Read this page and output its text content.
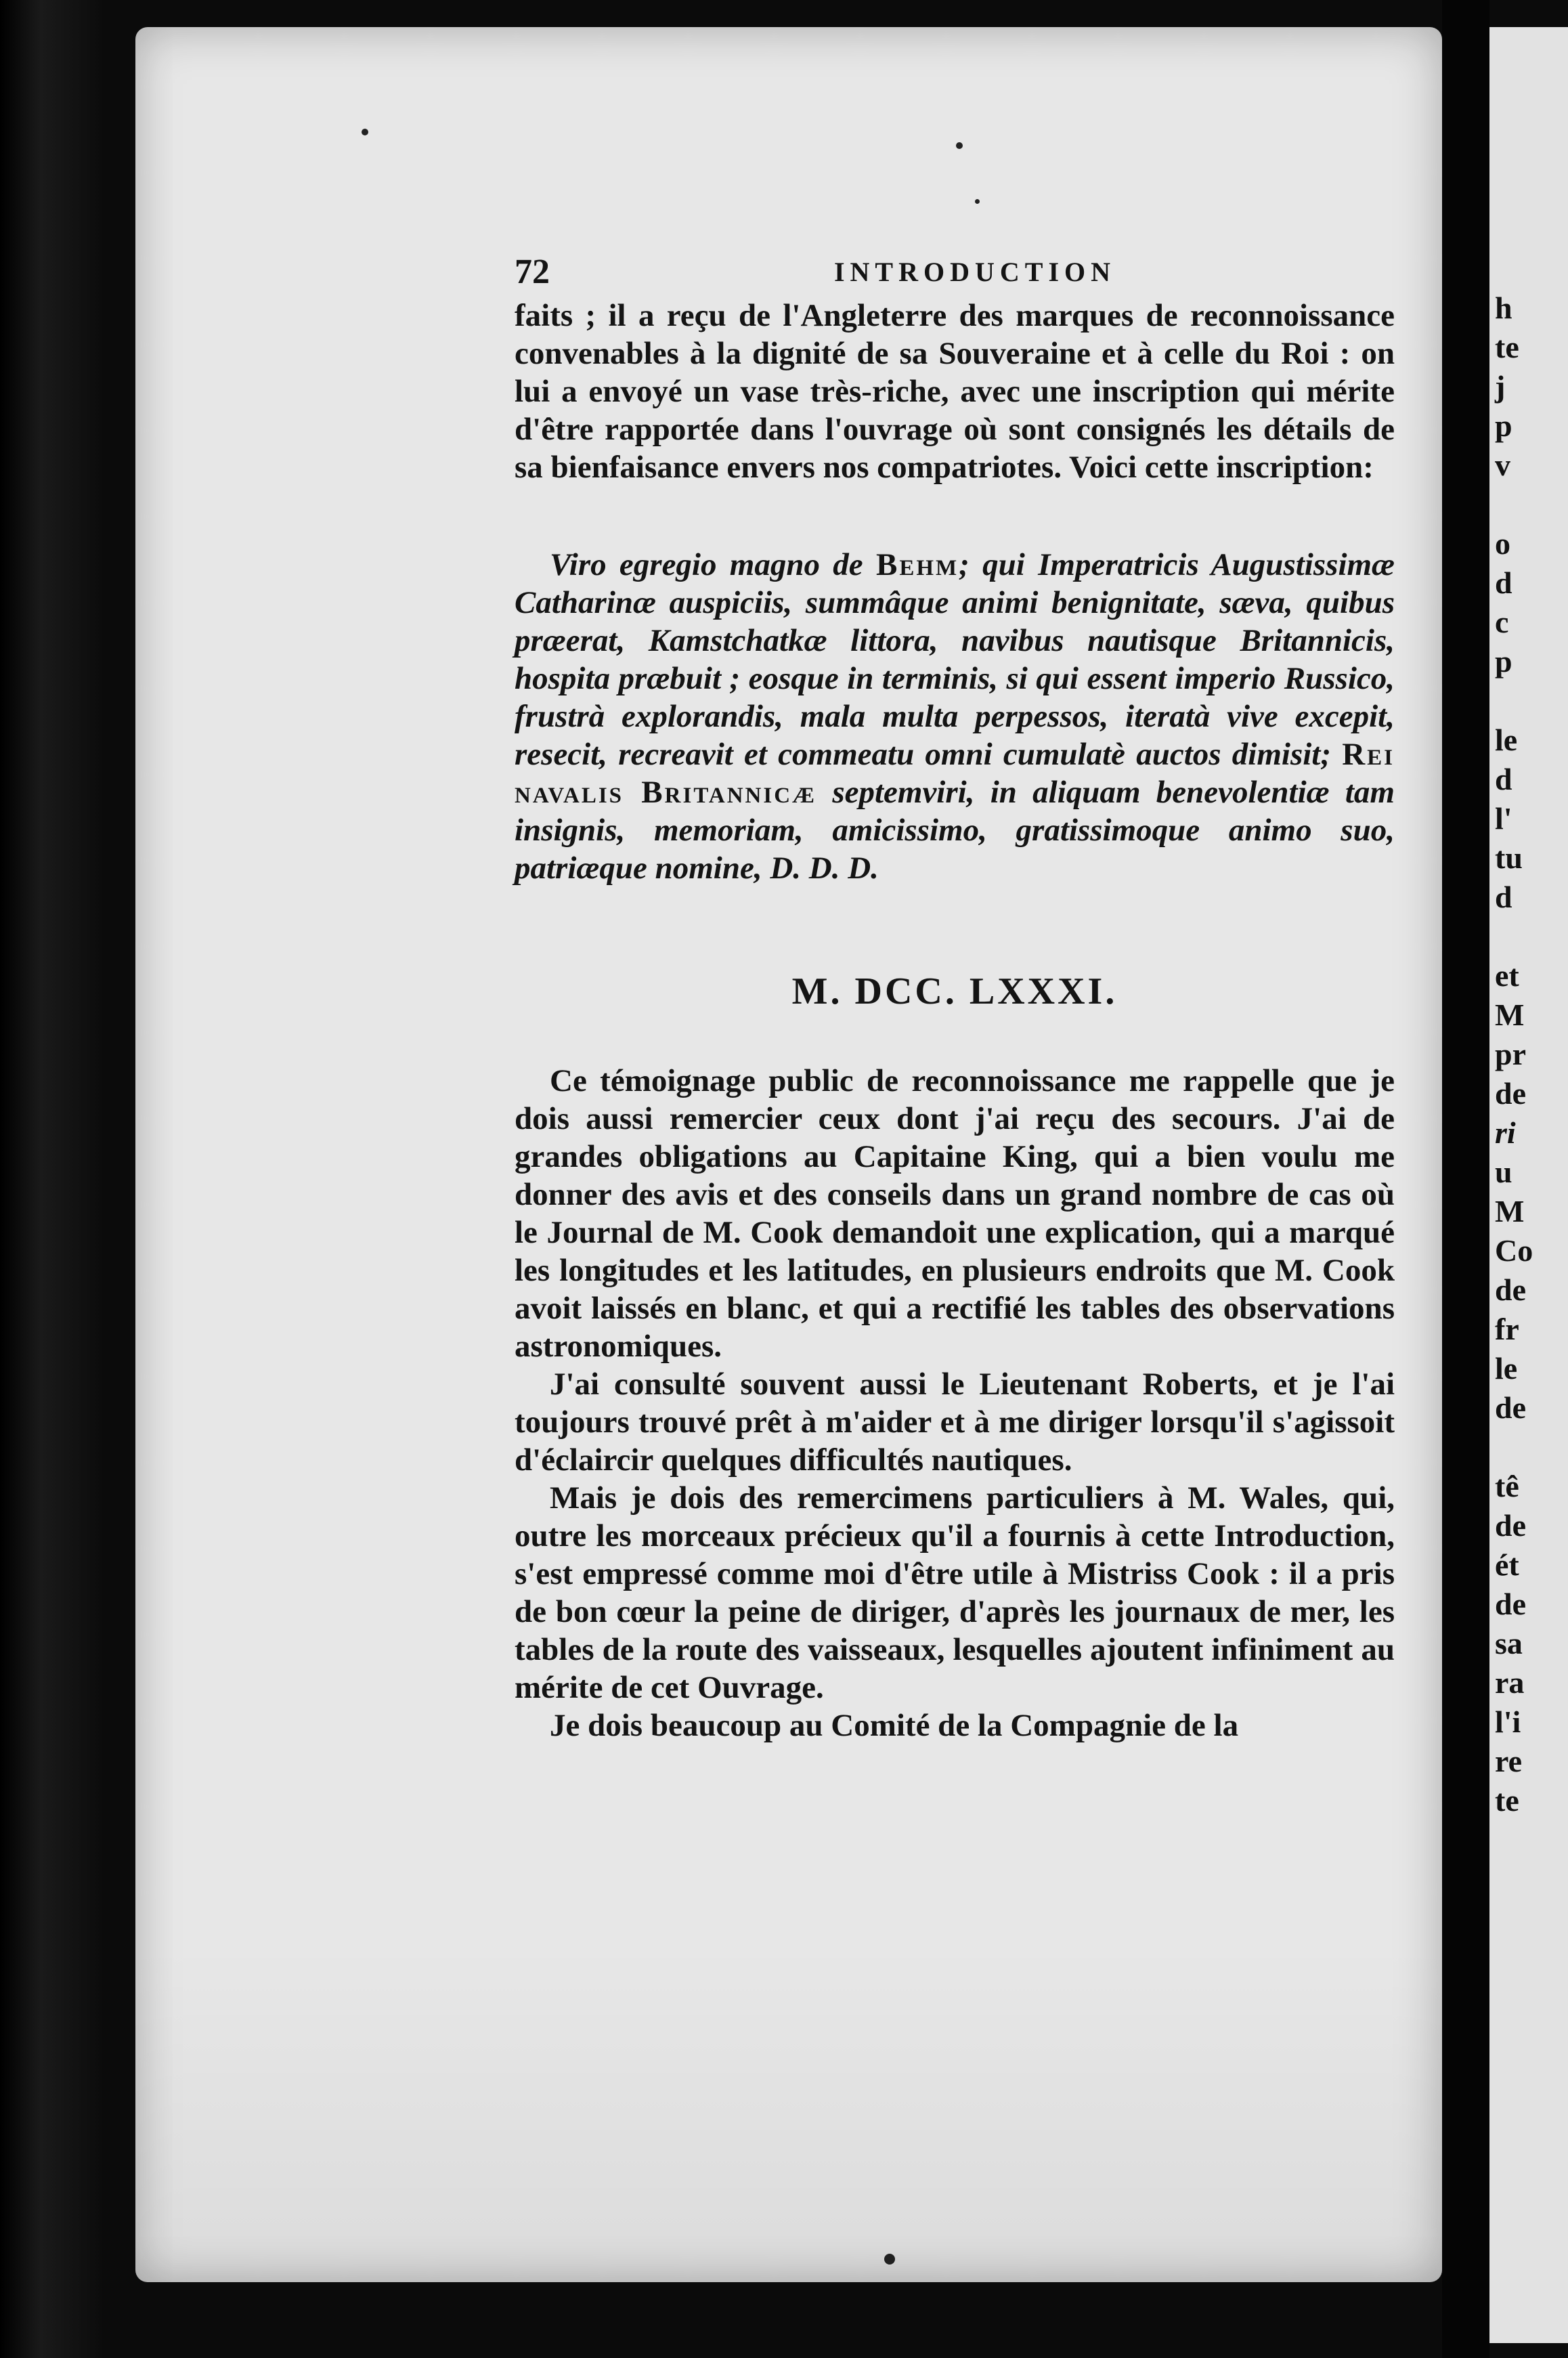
h
te
j
p
v
o
d
c
p
le
d
l'
tu
d
et
M
pr
de
ri
u
M
Co
de
fr
le
de
tê
de
ét
de
sa
ra
l'i
re
te
72	INTRODUCTION

faits ; il a reçu de l'Angleterre des marques de reconnoissance convenables à la dignité de sa Souveraine et à celle du Roi : on lui a envoyé un vase très-riche, avec une inscription qui mérite d'être rapportée dans l'ouvrage où sont consignés les détails de sa bienfaisance envers nos compatriotes. Voici cette inscription:

Viro egregio magno de Behm; qui Imperatricis Augustissimæ Catharinæ auspiciis, summâque animi benignitate, sæva, quibus præerat, Kamstchatkæ littora, navibus nautisque Britannicis, hospita præbuit ; eosque in terminis, si qui essent imperio Russico, frustrà explorandis, mala multa perpessos, iteratà vive excepit, resecit, recreavit et commeatu omni cumulatè auctos dimisit; Rei navalis Britannicæ septemviri, in aliquam benevolentiæ tam insignis, memoriam, amicissimo, gratissimoque animo suo, patriæque nomine, D. D. D.
M. DCC. LXXXI.

Ce témoignage public de reconnoissance me rappelle que je dois aussi remercier ceux dont j'ai reçu des secours. J'ai de grandes obligations au Capitaine King, qui a bien voulu me donner des avis et des conseils dans un grand nombre de cas où le Journal de M. Cook demandoit une explication, qui a marqué les longitudes et les latitudes, en plusieurs endroits que M. Cook avoit laissés en blanc, et qui a rectifié les tables des observations astronomiques.

J'ai consulté souvent aussi le Lieutenant Roberts, et je l'ai toujours trouvé prêt à m'aider et à me diriger lorsqu'il s'agissoit d'éclaircir quelques difficultés nautiques.

Mais je dois des remercimens particuliers à M. Wales, qui, outre les morceaux précieux qu'il a fournis à cette Introduction, s'est empressé comme moi d'être utile à Mistriss Cook : il a pris de bon cœur la peine de diriger, d'après les journaux de mer, les tables de la route des vaisseaux, lesquelles ajoutent infiniment au mérite de cet Ouvrage.

Je dois beaucoup au Comité de la Compagnie de la
